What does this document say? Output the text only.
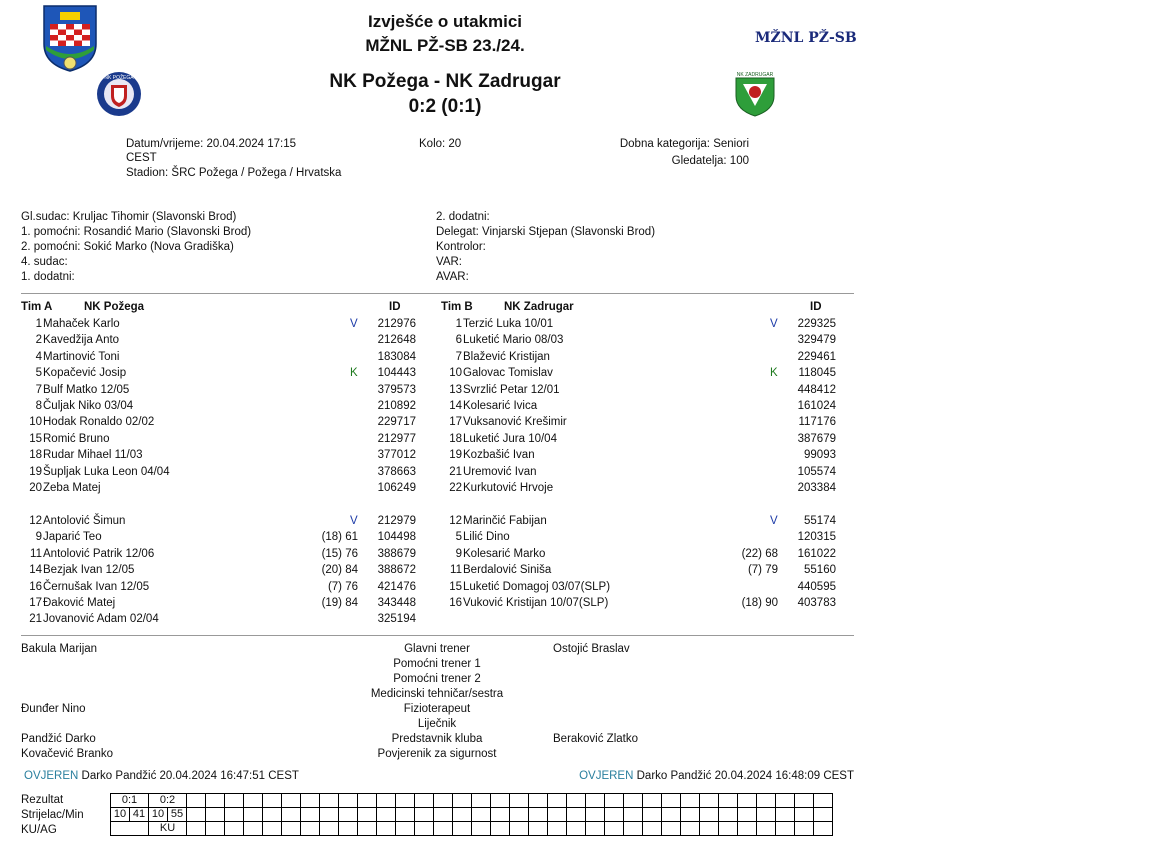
NK POŽEGA	NK ZADRUGAR
Izvješće o utakmici
MŽNL PŽ-SB 23./24.
NK Požega - NK Zadrugar
0:2 (0:1)
MŽNL PŽ-SB
Datum/vrijeme: 20.04.2024 17:15
CEST
Stadion: ŠRC Požega / Požega / Hrvatska
Kolo: 20	Dobna kategorija: Seniori
Gledatelja: 100
Gl.sudac: Kruljac Tihomir (Slavonski Brod)
1. pomoćni: Rosandić Mario (Slavonski Brod)
2. pomoćni: Sokić Marko (Nova Gradiška)
4. sudac:
1. dodatni:
2. dodatni:
Delegat: Vinjarski Stjepan (Slavonski Brod)
Kontrolor:
VAR:
AVAR:
Tim A	NK Požega	ID	Tim B	NK Zadrugar	ID
1 Mahaček Karlo	V	212976
2 Kavedžija Anto	212648
4 Martinović Toni	183084
5 Kopačević Josip	K	104443
7 Bulf Matko 12/05	379573
8 Čuljak Niko 03/04	210892
10 Hodak Ronaldo 02/02	229717
15 Romić Bruno	212977
18 Rudar Mihael 11/03	377012
19 Šupljak Luka Leon 04/04	378663
20 Zeba Matej	106249
12 Antolović Šimun	V	212979
9 Japarić Teo	(18) 61	104498
11 Antolović Patrik 12/06	(15) 76	388679
14 Bezjak Ivan 12/05	(20) 84	388672
16 Černušak Ivan 12/05	(7) 76	421476
17 Đaković Matej	(19) 84	343448
21 Jovanović Adam 02/04	325194
1 Terzić Luka 10/01	V	229325
6 Luketić Mario 08/03	329479
7 Blažević Kristijan	229461
10 Galovac Tomislav	K	118045
13 Svrzlić Petar 12/01	448412
14 Kolesarić Ivica	161024
17 Vuksanović Krešimir	117176
18 Luketić Jura 10/04	387679
19 Kozbašić Ivan	99093
21 Uremović Ivan	105574
22 Kurkutović Hrvoje	203384
12 Marinčić Fabijan	V	55174
5 Lilić Dino	120315
9 Kolesarić Marko	(22) 68	161022
11 Berdalović Siniša	(7) 79	55160
15 Luketić Domagoj 03/07(SLP)	440595
16 Vuković Kristijan 10/07(SLP)	(18) 90	403783
Bakula Marijan	Glavni trener	Ostojić Braslav
Pomoćni trener 1
Pomoćni trener 2
Medicinski tehničar/sestra
Đunđer Nino	Fizioterapeut
Liječnik
Pandžić Darko	Predstavnik kluba	Beraković Zlatko
Kovačević Branko	Povjerenik za sigurnost
OVJEREN Darko Pandžić 20.04.2024 16:47:51 CEST	OVJEREN Darko Pandžić 20.04.2024 16:48:09 CEST
Rezultat
Strijelac/Min
KU/AG
0:1		0:2																																			
10	41	10	55																																		
		KU																																			
